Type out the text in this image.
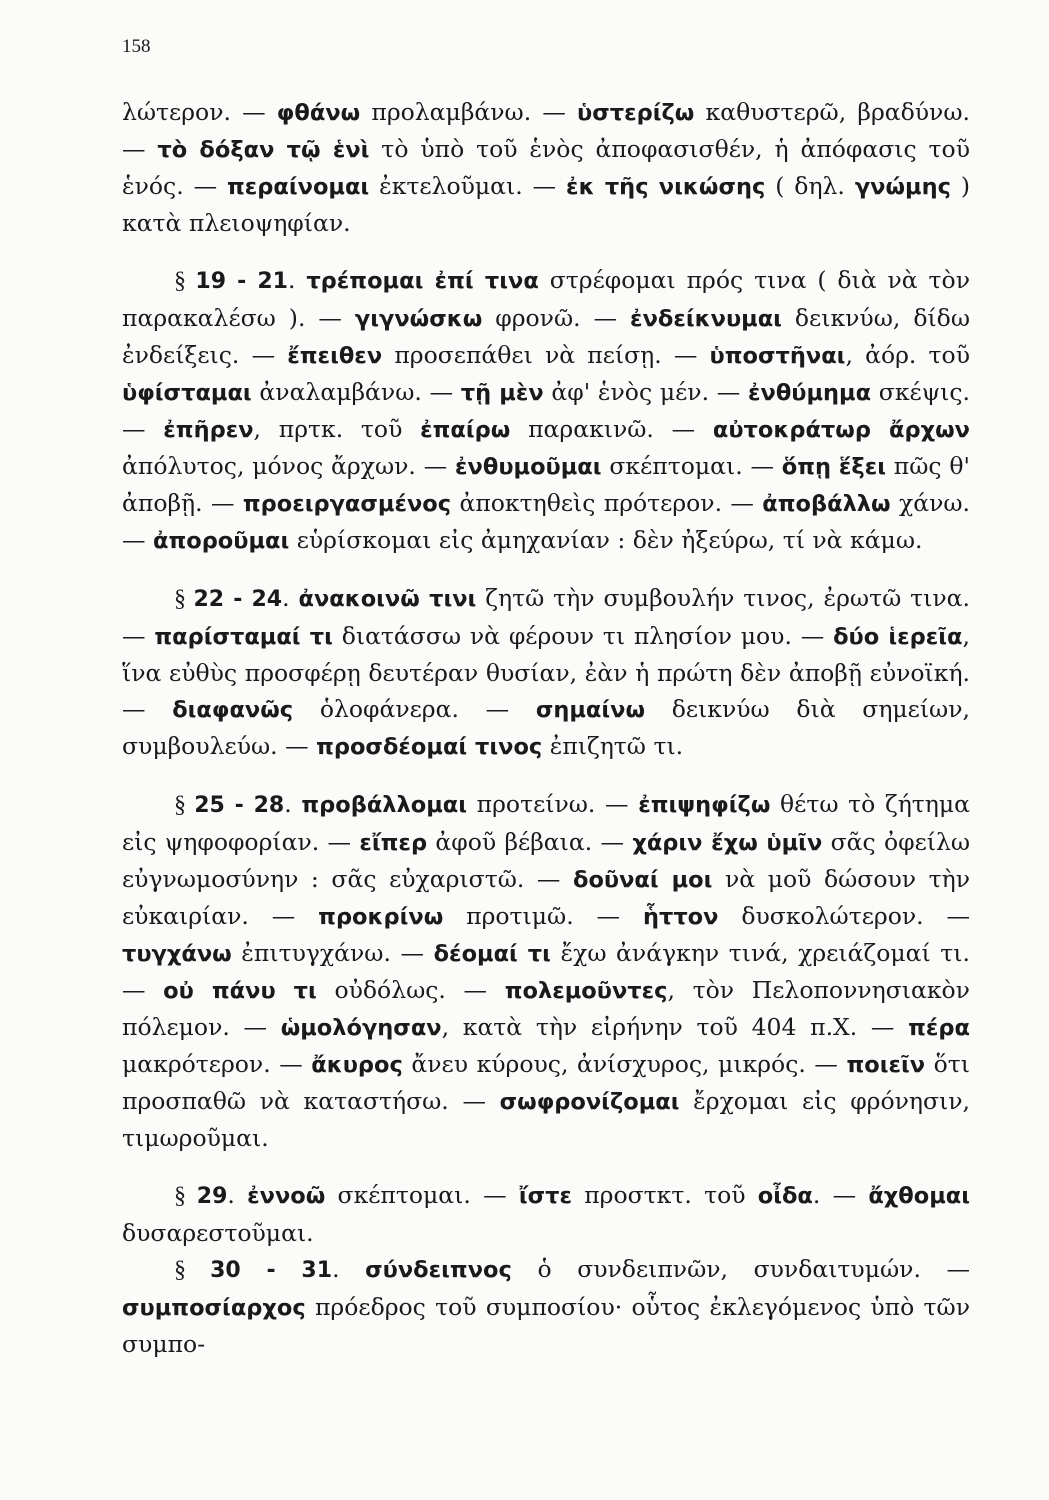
158

λώτερον. — φθάνω προλαμβάνω. — ὑστερίζω καθυστερῶ, βραδύνω. — τὸ δόξαν τῷ ἑνὶ τὸ ὑπὸ τοῦ ἑνὸς ἀποφασισθέν, ἡ ἀπόφασις τοῦ ἑνός. — περαίνομαι ἐκτελοῦμαι. — ἐκ τῆς νικώσης ( δηλ. γνώμης ) κατὰ πλειοψηφίαν.

§ 19 - 21. τρέπομαι ἐπί τινα στρέφομαι πρός τινα ( διὰ νὰ τὸν παρακαλέσω ). — γιγνώσκω φρονῶ. — ἐνδείκνυμαι δεικνύω, δίδω ἐνδείξεις. — ἔπειθεν προσεπάθει νὰ πείσῃ. — ὑποστῆναι, ἀόρ. τοῦ ὑφίσταμαι ἀναλαμβάνω. — τῇ μὲν ἀφ' ἑνὸς μέν. — ἐνθύμημα σκέψις. — ἐπῆρεν, πρτκ. τοῦ ἐπαίρω παρακινῶ. — αὐτοκράτωρ ἄρχων ἀπόλυτος, μόνος ἄρχων. — ἐνθυμοῦμαι σκέπτομαι. — ὅπῃ ἕξει πῶς θ' ἀποβῇ. — προειργασμένος ἀποκτηθεὶς πρότερον. — ἀποβάλλω χάνω. — ἀποροῦμαι εὑρίσκομαι εἰς ἀμηχανίαν : δὲν ἠξεύρω, τί νὰ κάμω.

§ 22 - 24. ἀνακοινῶ τινι ζητῶ τὴν συμβουλήν τινος, ἐρωτῶ τινα. — παρίσταμαί τι διατάσσω νὰ φέρουν τι πλησίον μου. — δύο ἱερεῖα, ἵνα εὐθὺς προσφέρῃ δευτέραν θυσίαν, ἐὰν ἡ πρώτη δὲν ἀποβῇ εὐνοϊκή. — διαφανῶς ὁλοφάνερα. — σημαίνω δεικνύω διὰ σημείων, συμβουλεύω. — προσδέομαί τινος ἐπιζητῶ τι.

§ 25 - 28. προβάλλομαι προτείνω. — ἐπιψηφίζω θέτω τὸ ζήτημα εἰς ψηφοφορίαν. — εἴπερ ἀφοῦ βέβαια. — χάριν ἔχω ὑμῖν σᾶς ὀφείλω εὐγνωμοσύνην : σᾶς εὐχαριστῶ. — δοῦναί μοι νὰ μοῦ δώσουν τὴν εὐκαιρίαν. — προκρίνω προτιμῶ. — ἧττον δυσκολώτερον. — τυγχάνω ἐπιτυγχάνω. — δέομαί τι ἔχω ἀνάγκην τινά, χρειάζομαί τι. — οὐ πάνυ τι οὐδόλως. — πολεμοῦντες, τὸν Πελοποννησιακὸν πόλεμον. — ὡμολόγησαν, κατὰ τὴν εἰρήνην τοῦ 404 π.Χ. — πέρα μακρότερον. — ἄκυρος ἄνευ κύρους, ἀνίσχυρος, μικρός. — ποιεῖν ὅτι προσπαθῶ νὰ καταστήσω. — σωφρονίζομαι ἔρχομαι εἰς φρόνησιν, τιμωροῦμαι.

§ 29. ἐννοῶ σκέπτομαι. — ἴστε προστκτ. τοῦ οἶδα. — ἄχθομαι δυσαρεστοῦμαι.

§ 30 - 31. σύνδειπνος ὁ συνδειπνῶν, συνδαιτυμών. — συμποσίαρχος πρόεδρος τοῦ συμποσίου· οὗτος ἐκλεγόμενος ὑπὸ τῶν συμπο-
